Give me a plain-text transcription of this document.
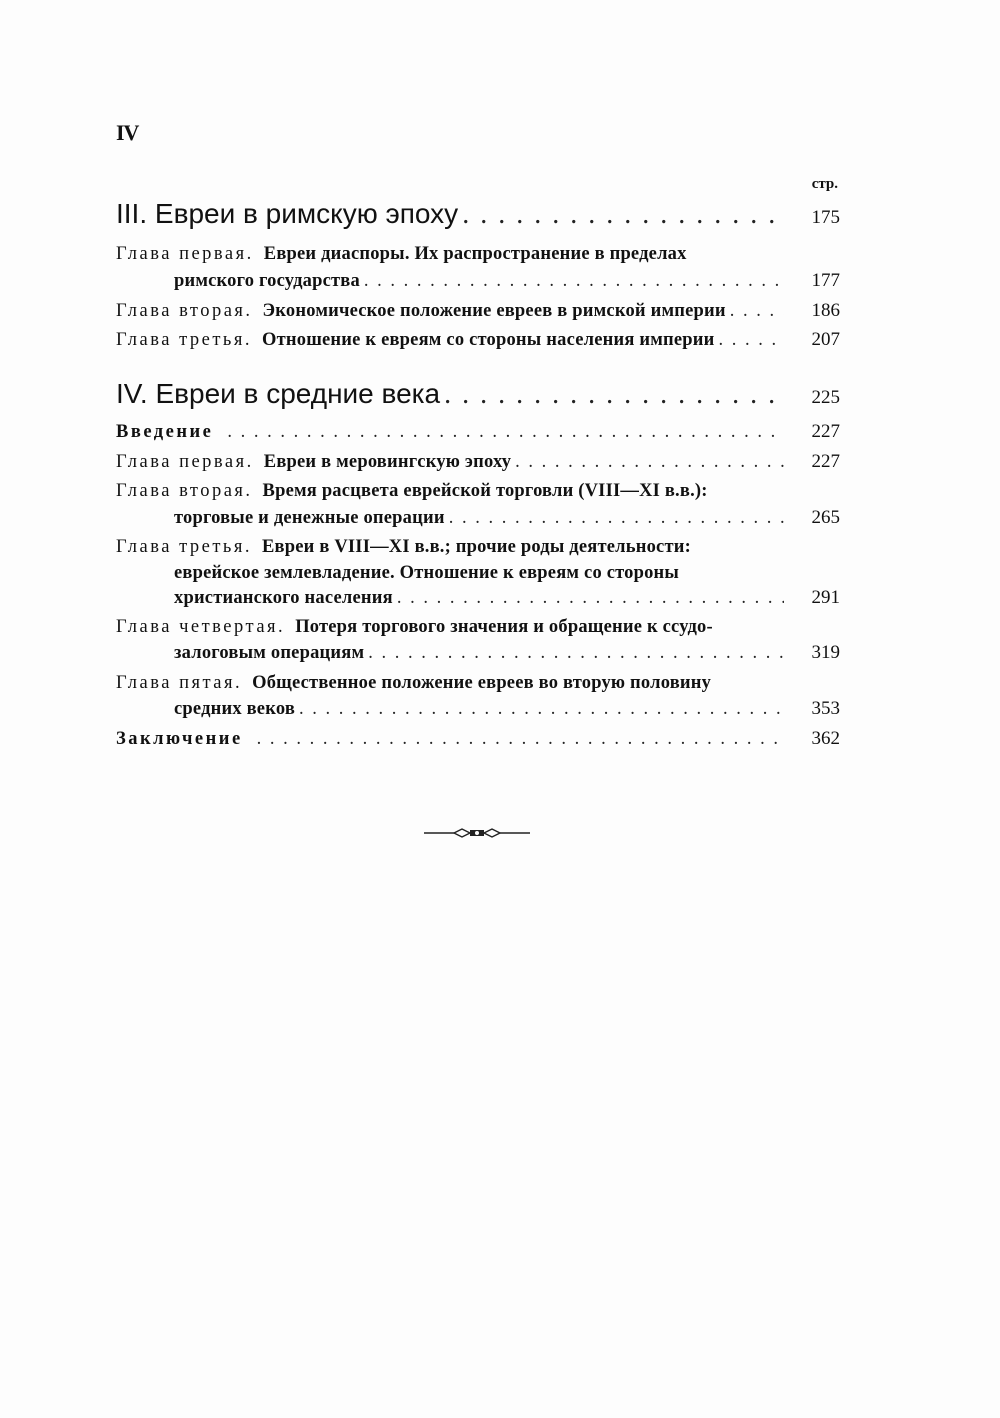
IV
стр.
III. Евреи в римскую эпоху . . .	175
Глава первая. Евреи диаспоры. Их распространение в пределах
римского государства . . .	177
Глава вторая. Экономическое положение евреев в римской империи . . .	186
Глава третья. Отношение к евреям со стороны населения империи . . .	207
IV. Евреи в средние века . . .	225
Введение . . .	227
Глава первая. Евреи в меровингскую эпоху . . .	227
Глава вторая. Время расцвета еврейской торговли (VIII—XI в.в.):
торговые и денежные операции . . .	265
Глава третья. Евреи в VIII—XI в.в.; прочие роды деятельности:
еврейское землевладение. Отношение к евреям со стороны
христианского населения . . .	291
Глава четвертая. Потеря торгового значения и обращение к ссудо-
залоговым операциям . . .	319
Глава пятая. Общественное положение евреев во вторую половину
средних веков . . .	353
Заключение . . .	362
